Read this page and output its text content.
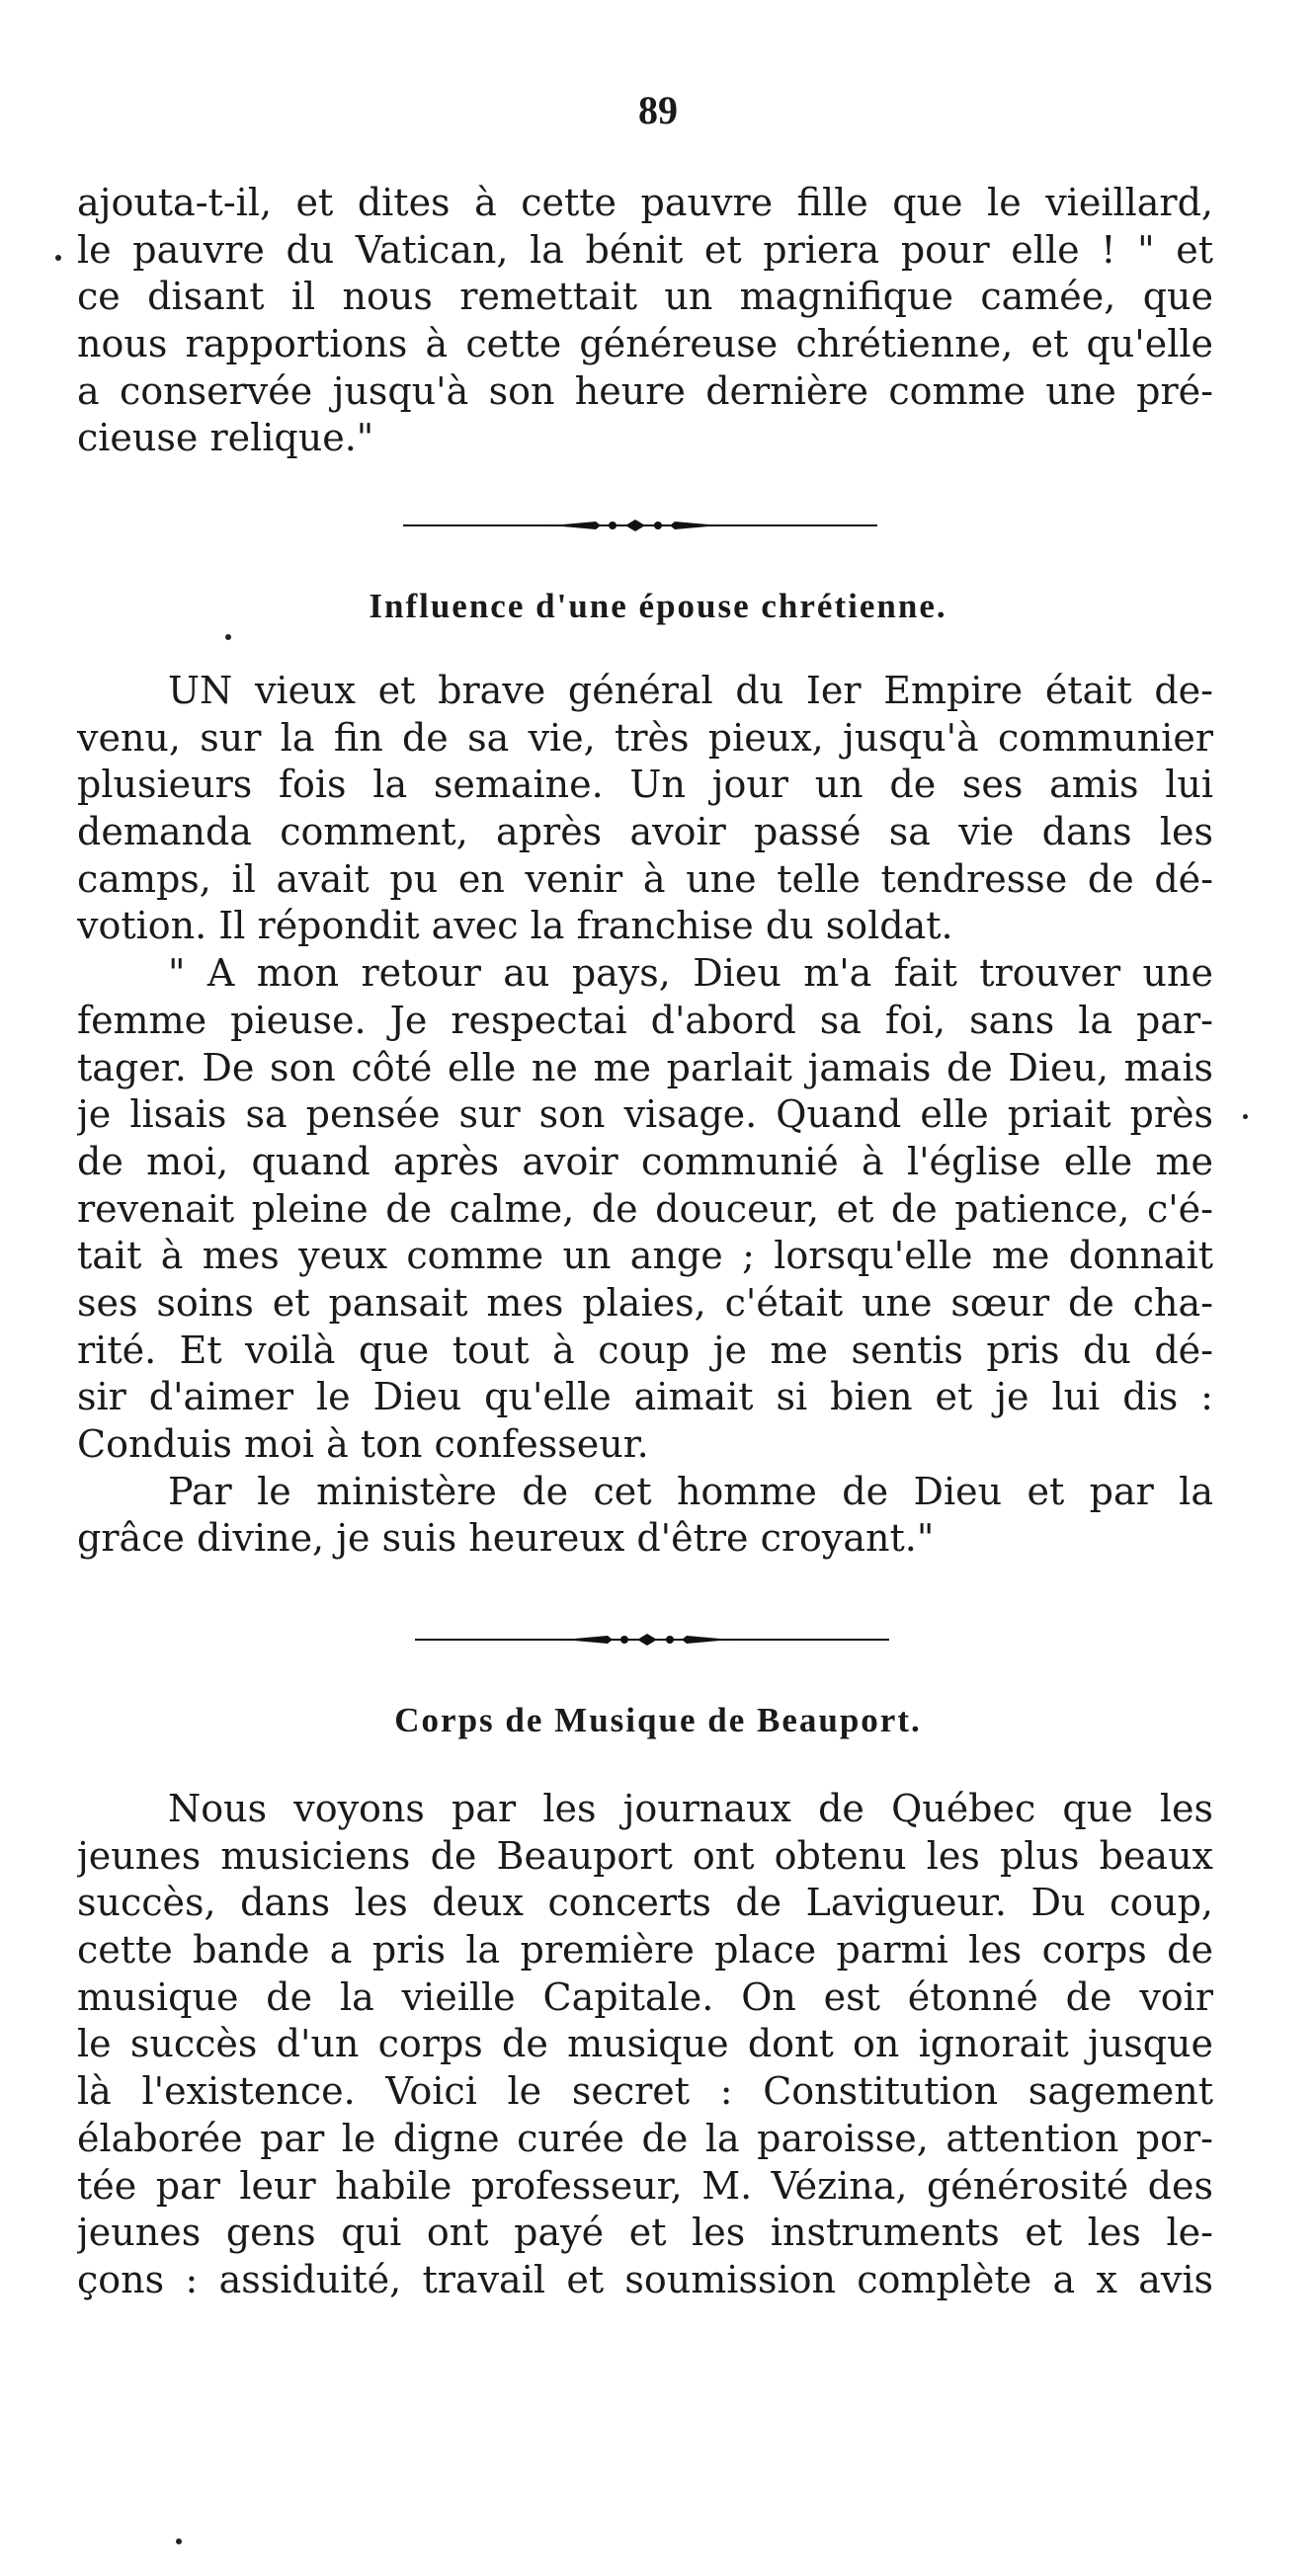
89
ajouta-t-il, et dites à cette pauvre fille que le vieillard,
le pauvre du Vatican, la bénit et priera pour elle ! " et
ce disant il nous remettait un magnifique camée, que
nous rapportions à cette généreuse chrétienne, et qu'elle
a conservée jusqu'à son heure dernière comme une pré-
cieuse relique."
Influence d'une épouse chrétienne.
UN vieux et brave général du Ier Empire était de-
venu, sur la fin de sa vie, très pieux, jusqu'à communier
plusieurs fois la semaine. Un jour un de ses amis lui
demanda comment, après avoir passé sa vie dans les
camps, il avait pu en venir à une telle tendresse de dé-
votion. Il répondit avec la franchise du soldat.
" A mon retour au pays, Dieu m'a fait trouver une
femme pieuse. Je respectai d'abord sa foi, sans la par-
tager. De son côté elle ne me parlait jamais de Dieu, mais
je lisais sa pensée sur son visage. Quand elle priait près
de moi, quand après avoir communié à l'église elle me
revenait pleine de calme, de douceur, et de patience, c'é-
tait à mes yeux comme un ange ; lorsqu'elle me donnait
ses soins et pansait mes plaies, c'était une sœur de cha-
rité. Et voilà que tout à coup je me sentis pris du dé-
sir d'aimer le Dieu qu'elle aimait si bien et je lui dis :
Conduis moi à ton confesseur.
Par le ministère de cet homme de Dieu et par la
grâce divine, je suis heureux d'être croyant."
Corps de Musique de Beauport.
Nous voyons par les journaux de Québec que les
jeunes musiciens de Beauport ont obtenu les plus beaux
succès, dans les deux concerts de Lavigueur. Du coup,
cette bande a pris la première place parmi les corps de
musique de la vieille Capitale. On est étonné de voir
le succès d'un corps de musique dont on ignorait jusque
là l'existence. Voici le secret : Constitution sagement
élaborée par le digne curée de la paroisse, attention por-
tée par leur habile professeur, M. Vézina, générosité des
jeunes gens qui ont payé et les instruments et les le-
çons : assiduité, travail et soumission complète a x avis
